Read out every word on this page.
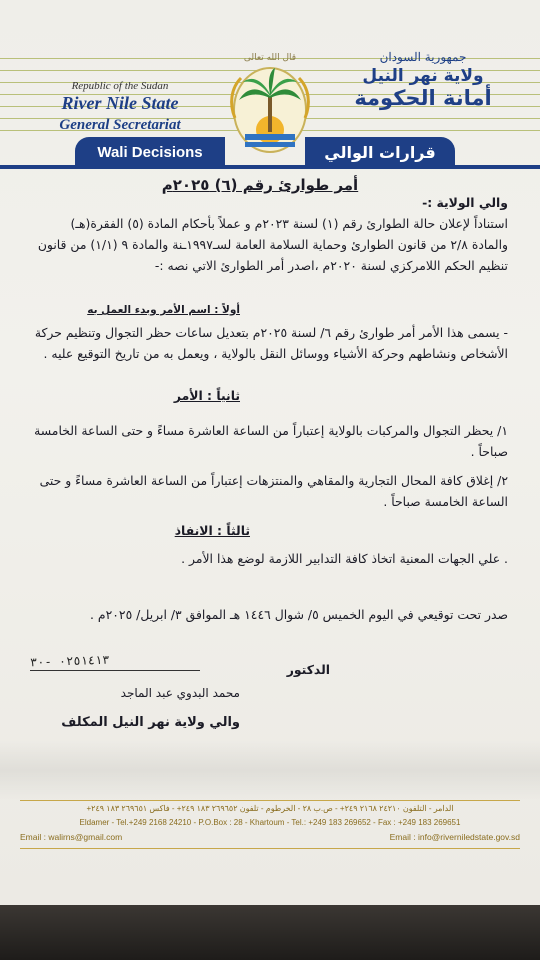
Republic of the Sudan
River Nile State
General Secretariat
جمهورية السودان
ولاية نهر النيل
أمانة الحكومة
قال الله تعالى
Wali Decisions	قرارات الوالي
أمر طوارئ رقم (٦) ٢٠٢٥م
والي الولاية :-
استناداً لإعلان حالة الطوارئ رقم (١) لسنة ٢٠٢٣م و عملاً بأحكام المادة (٥) الفقرة(هـ) والمادة ٢/٨ من قانون الطوارئ وحماية السلامة العامة لسـ١٩٩٧ـنة والمادة ٩ (١/١) من قانون تنظيم الحكم اللامركزي لسنة ٢٠٢٠م ،اصدر أمر الطوارئ الاتي نصه :-
أولاً : اسم الأمر وبدء العمل به
- يسمى هذا الأمر أمر طوارئ رقم ٦/ لسنة ٢٠٢٥م بتعديل ساعات حظر التجوال وتنظيم حركة الأشخاص ونشاطهم وحركة الأشياء ووسائل النقل بالولاية ، ويعمل به من تاريخ التوقيع عليه .
ثانياً : الأمر
١/ يحظر التجوال والمركبات بالولاية إعتباراً من الساعة العاشرة مساءً و حتى الساعة الخامسة صباحاً .
٢/ إغلاق كافة المحال التجارية والمقاهي والمنتزهات إعتباراً من الساعة العاشرة مساءً و حتى الساعة الخامسة صباحاً .
ثالثاً : الانفاذ
. علي الجهات المعنية اتخاذ كافة التدابير اللازمة لوضع هذا الأمر .
صدر تحت توقيعي في اليوم الخميس ٥/ شوال ١٤٤٦ هـ الموافق ٣/ ابريل/ ٢٠٢٥م .
الدكتور
٠٢٥١٤١٣ -٣٠
محمد البدوي عبد الماجد
والي ولاية نهر النيل المكلف
الدامر - التلفون ٢٤٢١٠ ٢١٦٨ ٢٤٩+ - ص.ب ٢٨ - الخرطوم - تلفون ٢٦٩٦٥٢ ١٨٣ ٢٤٩+ - فاكس ٢٦٩٦٥١ ١٨٣ ٢٤٩+
Eldamer - Tel.+249 2168 24210 - P.O.Box : 28 - Khartoum - Tel.: +249 183 269652 - Fax : +249 183 269651
Email : walirns@gmail.com	Email : info@riverniledstate.gov.sd
